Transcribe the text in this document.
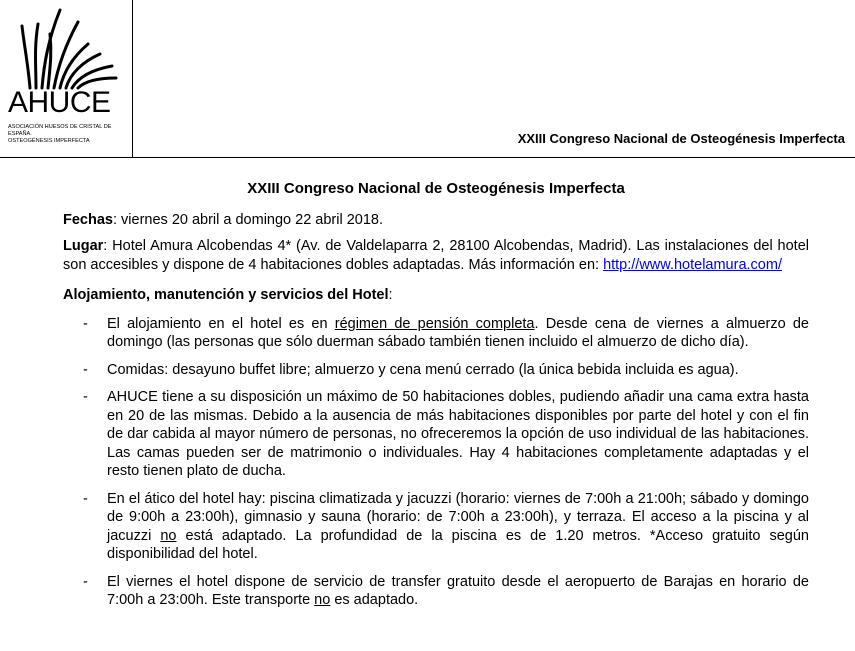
AHUCE
ASOCIACIÓN HUESOS DE CRISTAL DE ESPAÑA.
OSTEOGÉNESIS IMPERFECTA	XXIII Congreso Nacional de Osteogénesis Imperfecta
XXIII Congreso Nacional de Osteogénesis Imperfecta

Fechas: viernes 20 abril a domingo 22 abril 2018.

Lugar: Hotel Amura Alcobendas 4* (Av. de Valdelaparra 2, 28100 Alcobendas, Madrid). Las instalaciones del hotel son accesibles y dispone de 4 habitaciones dobles adaptadas. Más información en: http://www.hotelamura.com/

Alojamiento, manutención y servicios del Hotel:
- El alojamiento en el hotel es en régimen de pensión completa. Desde cena de viernes a almuerzo de domingo (las personas que sólo duerman sábado también tienen incluido el almuerzo de dicho día).
- Comidas: desayuno buffet libre; almuerzo y cena menú cerrado (la única bebida incluida es agua).
- AHUCE tiene a su disposición un máximo de 50 habitaciones dobles, pudiendo añadir una cama extra hasta en 20 de las mismas. Debido a la ausencia de más habitaciones disponibles por parte del hotel y con el fin de dar cabida al mayor número de personas, no ofreceremos la opción de uso individual de las habitaciones. Las camas pueden ser de matrimonio o individuales. Hay 4 habitaciones completamente adaptadas y el resto tienen plato de ducha.
- En el ático del hotel hay: piscina climatizada y jacuzzi (horario: viernes de 7:00h a 21:00h; sábado y domingo de 9:00h a 23:00h), gimnasio y sauna (horario: de 7:00h a 23:00h), y terraza. El acceso a la piscina y al jacuzzi no está adaptado. La profundidad de la piscina es de 1.20 metros. *Acceso gratuito según disponibilidad del hotel.
- El viernes el hotel dispone de servicio de transfer gratuito desde el aeropuerto de Barajas en horario de 7:00h a 23:00h. Este transporte no es adaptado.
